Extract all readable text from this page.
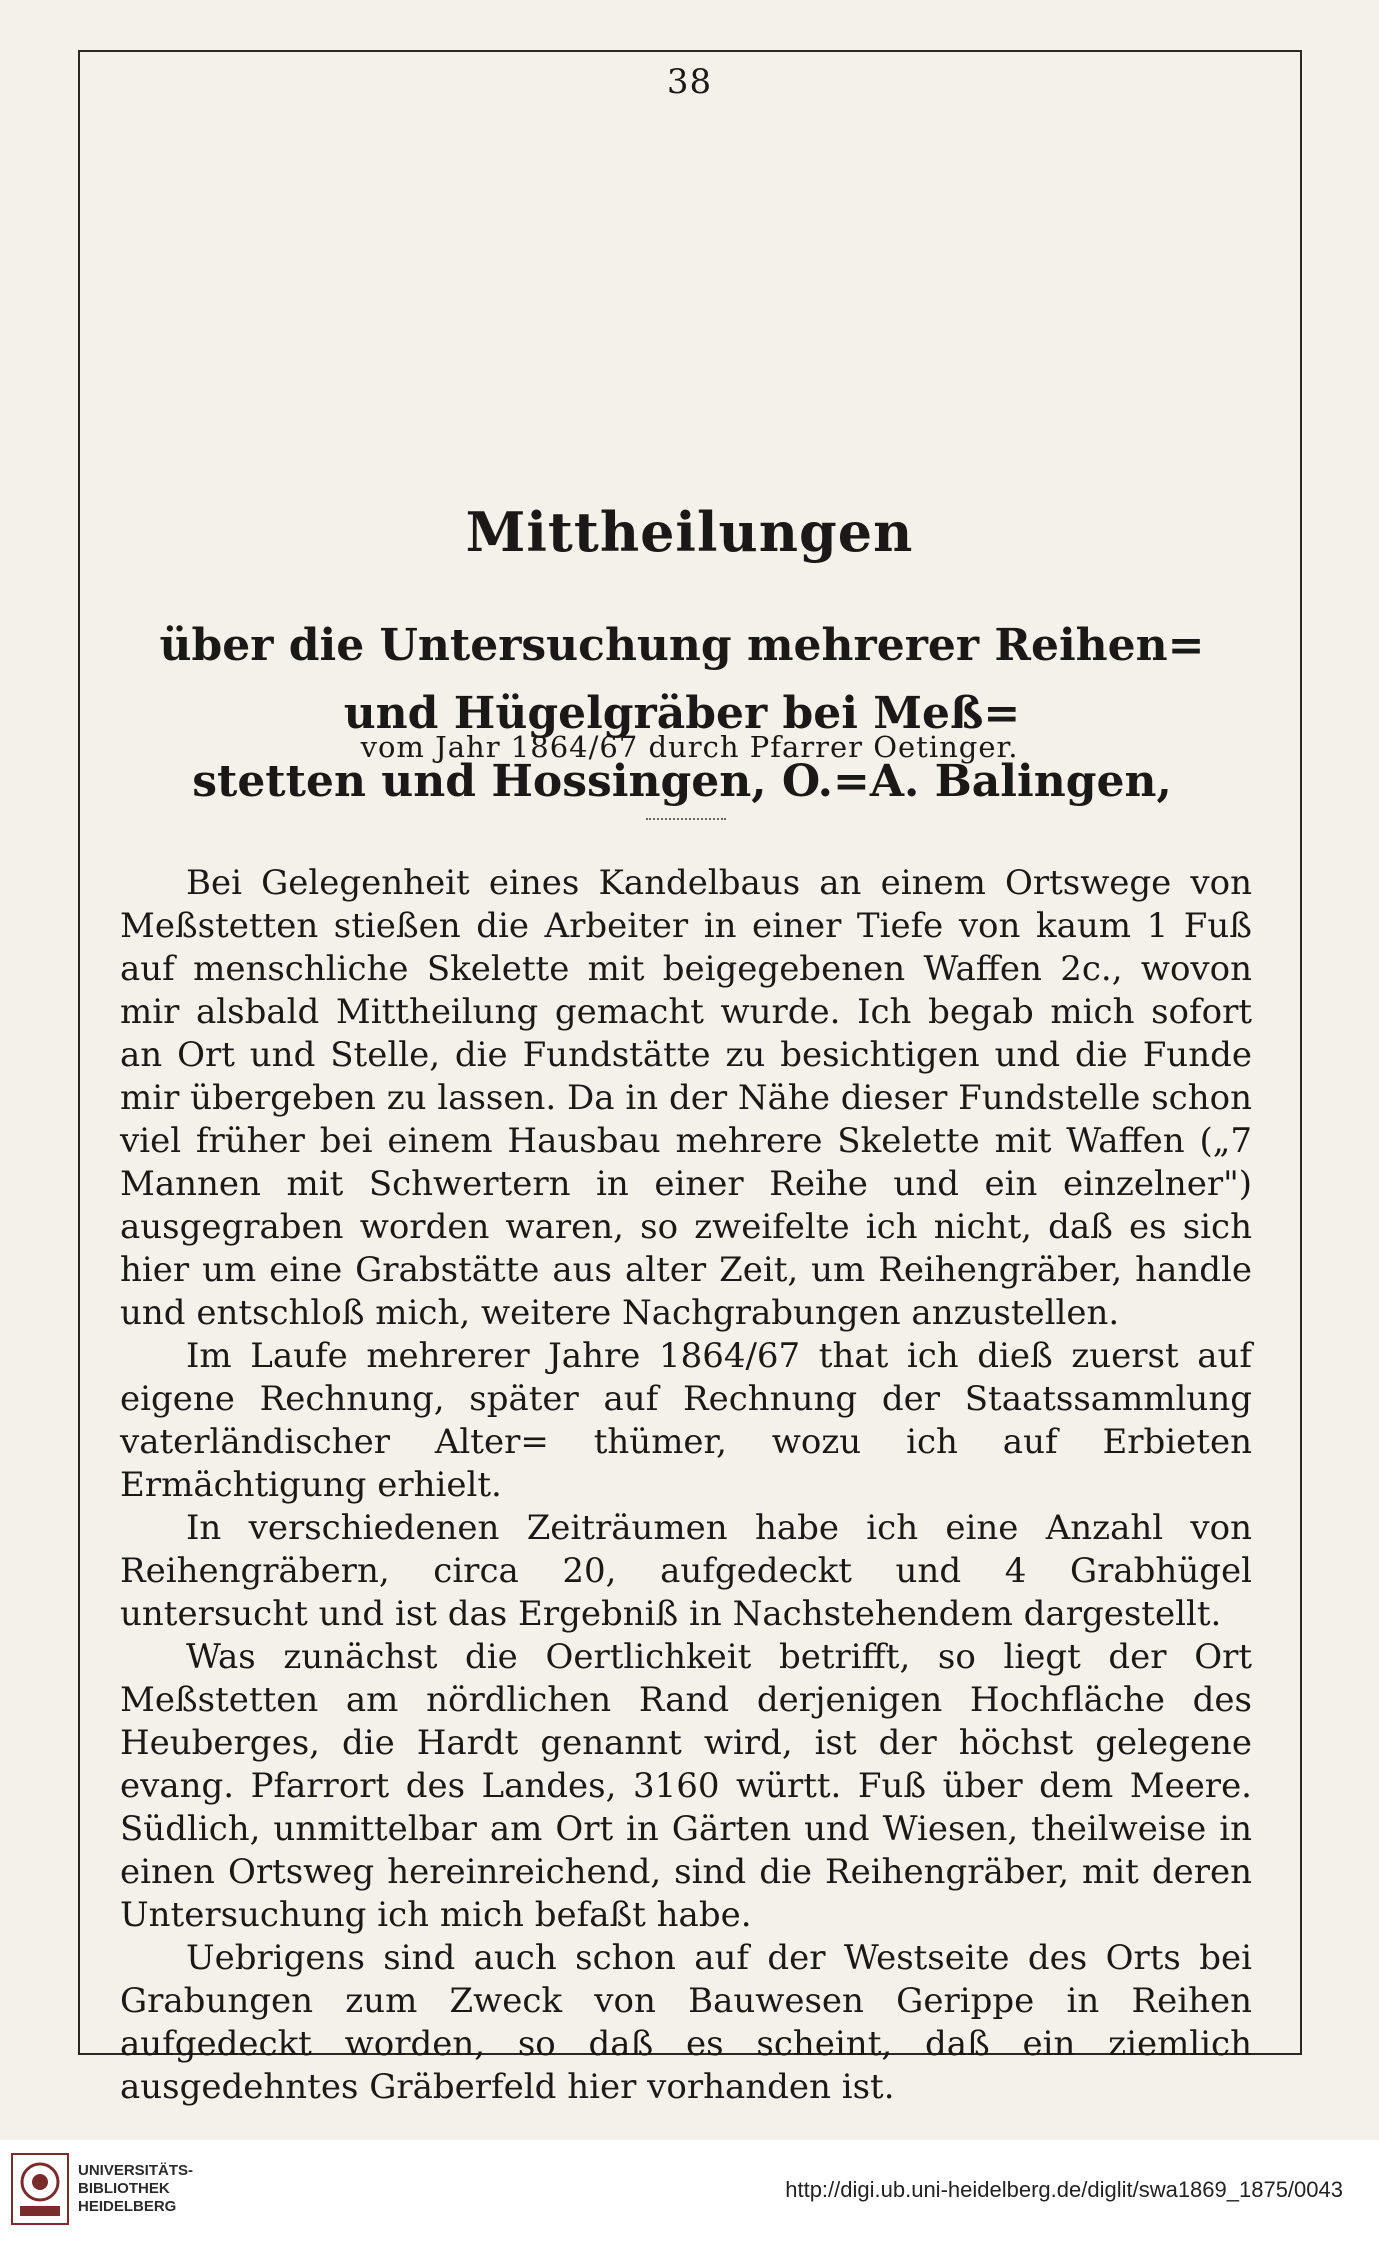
38
Mittheilungen
über die Untersuchung mehrerer Reihen= und Hügelgräber bei Meß=
stetten und Hossingen, O.=A. Balingen,
vom Jahr 1864/67 durch Pfarrer Oetinger.

Bei Gelegenheit eines Kandelbaus an einem Ortswege von Meßstetten stießen die Arbeiter in einer Tiefe von kaum 1 Fuß auf menschliche Skelette mit beigegebenen Waffen 2c., wovon mir alsbald Mittheilung gemacht wurde. Ich begab mich sofort an Ort und Stelle, die Fundstätte zu besichtigen und die Funde mir übergeben zu lassen. Da in der Nähe dieser Fundstelle schon viel früher bei einem Hausbau mehrere Skelette mit Waffen („7 Mannen mit Schwertern in einer Reihe und ein einzelner") ausgegraben worden waren, so zweifelte ich nicht, daß es sich hier um eine Grabstätte aus alter Zeit, um Reihengräber, handle und entschloß mich, weitere Nachgrabungen anzustellen.

Im Laufe mehrerer Jahre 1864/67 that ich dieß zuerst auf eigene Rechnung, später auf Rechnung der Staatssammlung vaterländischer Alter= thümer, wozu ich auf Erbieten Ermächtigung erhielt.

In verschiedenen Zeiträumen habe ich eine Anzahl von Reihengräbern, circa 20, aufgedeckt und 4 Grabhügel untersucht und ist das Ergebniß in Nachstehendem dargestellt.

Was zunächst die Oertlichkeit betrifft, so liegt der Ort Meßstetten am nördlichen Rand derjenigen Hochfläche des Heuberges, die Hardt genannt wird, ist der höchst gelegene evang. Pfarrort des Landes, 3160 württ. Fuß über dem Meere. Südlich, unmittelbar am Ort in Gärten und Wiesen, theilweise in einen Ortsweg hereinreichend, sind die Reihengräber, mit deren Untersuchung ich mich befaßt habe.

Uebrigens sind auch schon auf der Westseite des Orts bei Grabungen zum Zweck von Bauwesen Gerippe in Reihen aufgedeckt worden, so daß es scheint, daß ein ziemlich ausgedehntes Gräberfeld hier vorhanden ist.

UNIVERSITÄTS-
BIBLIOTHEK
HEIDELBERG
http://digi.ub.uni-heidelberg.de/diglit/swa1869_1875/0043
